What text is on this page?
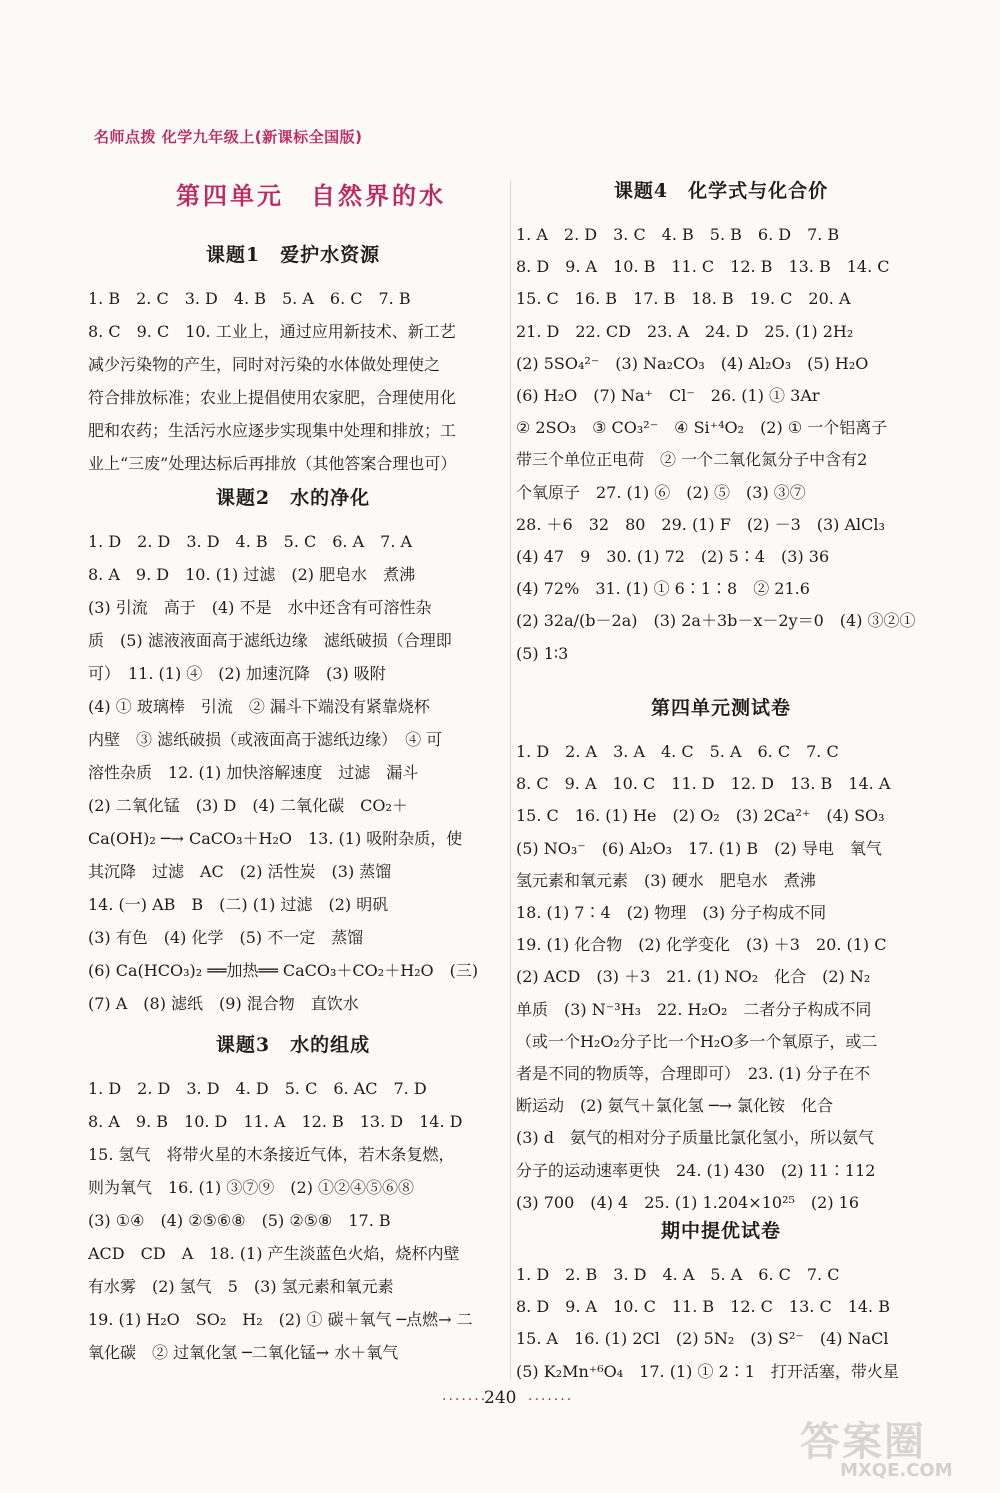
名师点拨 化学九年级上(新课标全国版)
第四单元　自然界的水
课题1　爱护水资源
1. B　2. C　3. D　4. B　5. A　6. C　7. B
8. C　9. C　10. 工业上，通过应用新技术、新工艺
减少污染物的产生，同时对污染的水体做处理使之
符合排放标准；农业上提倡使用农家肥，合理使用化
肥和农药；生活污水应逐步实现集中处理和排放；工
业上“三废”处理达标后再排放（其他答案合理也可）
课题2　水的净化
1. D　2. D　3. D　4. B　5. C　6. A　7. A
8. A　9. D　10. (1) 过滤　(2) 肥皂水　煮沸
(3) 引流　高于　(4) 不是　水中还含有可溶性杂
质　(5) 滤液液面高于滤纸边缘　滤纸破损（合理即
可）　11. (1) ④　(2) 加速沉降　(3) 吸附
(4) ① 玻璃棒　引流　② 漏斗下端没有紧靠烧杯
内壁　③ 滤纸破损（或液面高于滤纸边缘）　④ 可
溶性杂质　12. (1) 加快溶解速度　过滤　漏斗
(2) 二氧化锰　(3) D　(4) 二氧化碳　CO₂＋
Ca(OH)₂ ─→ CaCO₃＋H₂O　13. (1) 吸附杂质，使
其沉降　过滤　AC　(2) 活性炭　(3) 蒸馏
14. (一) AB　B　(二) (1) 过滤　(2) 明矾
(3) 有色　(4) 化学　(5) 不一定　蒸馏
(6) Ca(HCO₃)₂ ══加热══ CaCO₃＋CO₂＋H₂O　(三)
(7) A　(8) 滤纸　(9) 混合物　直饮水
课题3　水的组成
1. D　2. D　3. D　4. D　5. C　6. AC　7. D
8. A　9. B　10. D　11. A　12. B　13. D　14. D
15. 氢气　将带火星的木条接近气体，若木条复燃，
则为氧气　16. (1) ③⑦⑨　(2) ①②④⑤⑥⑧
(3) ①④　(4) ②⑤⑥⑧　(5) ②⑤⑧　17. B
ACD　CD　A　18. (1) 产生淡蓝色火焰，烧杯内壁
有水雾　(2) 氢气　5　(3) 氢元素和氧元素
19. (1) H₂O　SO₂　H₂　(2) ① 碳＋氧气 ─点燃→ 二
氧化碳　② 过氧化氢 ─二氧化锰→ 水＋氧气
课题4　化学式与化合价
1. A　2. D　3. C　4. B　5. B　6. D　7. B
8. D　9. A　10. B　11. C　12. B　13. B　14. C
15. C　16. B　17. B　18. B　19. C　20. A
21. D　22. CD　23. A　24. D　25. (1) 2H₂
(2) 5SO₄²⁻　(3) Na₂CO₃　(4) Al₂O₃　(5) H₂O
(6) H₂O　(7) Na⁺　Cl⁻　26. (1) ① 3Ar
② 2SO₃　③ CO₃²⁻　④ Si⁺⁴O₂　(2) ① 一个铝离子
带三个单位正电荷　② 一个二氧化氮分子中含有2
个氧原子　27. (1) ⑥　(2) ⑤　(3) ③⑦
28. ＋6　32　80　29. (1) F　(2) －3　(3) AlCl₃
(4) 47　9　30. (1) 72　(2) 5∶4　(3) 36
(4) 72%　31. (1) ① 6∶1∶8　② 21.6
(2) 32a/(b－2a)　(3) 2a＋3b－x－2y＝0　(4) ③②①
(5) 1∶3
第四单元测试卷
1. D　2. A　3. A　4. C　5. A　6. C　7. C
8. C　9. A　10. C　11. D　12. D　13. B　14. A
15. C　16. (1) He　(2) O₂　(3) 2Ca²⁺　(4) SO₃
(5) NO₃⁻　(6) Al₂O₃　17. (1) B　(2) 导电　氧气
氢元素和氧元素　(3) 硬水　肥皂水　煮沸
18. (1) 7∶4　(2) 物理　(3) 分子构成不同
19. (1) 化合物　(2) 化学变化　(3) ＋3　20. (1) C
(2) ACD　(3) ＋3　21. (1) NO₂　化合　(2) N₂
单质　(3) N⁻³H₃　22. H₂O₂　二者分子构成不同
（或一个H₂O₂分子比一个H₂O多一个氧原子，或二
者是不同的物质等，合理即可）　23. (1) 分子在不
断运动　(2) 氨气＋氯化氢 ─→ 氯化铵　化合
(3) d　氨气的相对分子质量比氯化氢小，所以氨气
分子的运动速率更快　24. (1) 430　(2) 11∶112
(3) 700　(4) 4　25. (1) 1.204×10²⁵　(2) 16
期中提优试卷
1. D　2. B　3. D　4. A　5. A　6. C　7. C
8. D　9. A　10. C　11. B　12. C　13. C　14. B
15. A　16. (1) 2Cl　(2) 5N₂　(3) S²⁻　(4) NaCl
(5) K₂Mn⁺⁶O₄　17. (1) ① 2∶1　打开活塞，带火星
·······
240 ·······
答案圈
MXQE.COM
